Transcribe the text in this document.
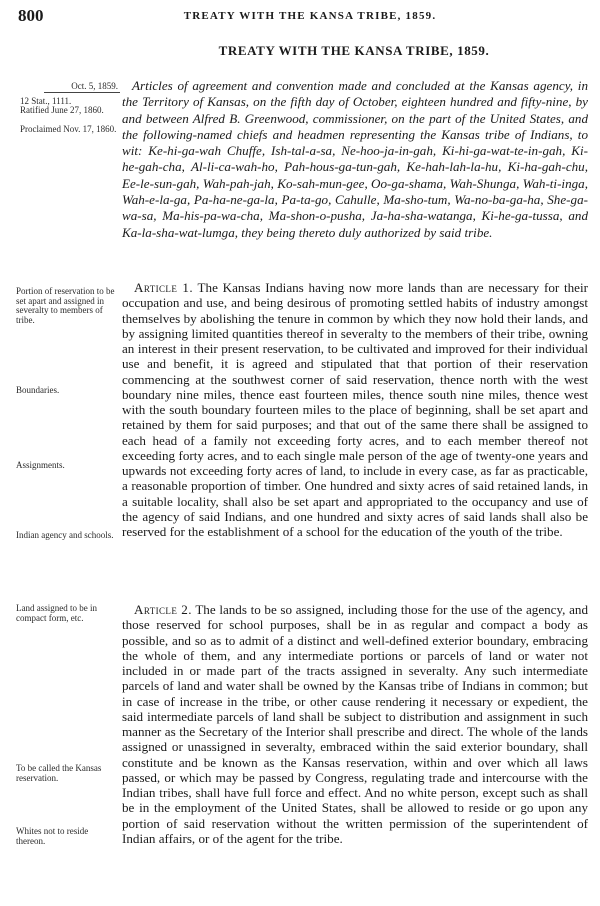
800	TREATY WITH THE KANSA TRIBE, 1859.
TREATY WITH THE KANSA TRIBE, 1859.
Oct. 5, 1859.
12 Stat., 1111.
Ratified June 27, 1860.
Proclaimed Nov. 17, 1860.
Articles of agreement and convention made and concluded at the Kansas agency, in the Territory of Kansas, on the fifth day of October, eighteen hundred and fifty-nine, by and between Alfred B. Greenwood, commissioner, on the part of the United States, and the following-named chiefs and headmen representing the Kansas tribe of Indians, to wit: Ke-hi-ga-wah Chuffe, Ish-tal-a-sa, Ne-hoo-ja-in-gah, Ki-hi-ga-wat-te-in-gah, Ki-he-gah-cha, Al-li-ca-wah-ho, Pah-hous-ga-tun-gah, Ke-hah-lah-la-hu, Ki-ha-gah-chu, Ee-le-sun-gah, Wah-pah-jah, Ko-sah-mun-gee, Oo-ga-shama, Wah-Shunga, Wah-ti-inga, Wah-e-la-ga, Pa-ha-ne-ga-la, Pa-ta-go, Cahulle, Ma-sho-tum, Wa-no-ba-ga-ha, She-ga-wa-sa, Ma-his-pa-wa-cha, Ma-shon-o-pusha, Ja-ha-sha-watanga, Ki-he-ga-tussa, and Ka-la-sha-wat-lumga, they being thereto duly authorized by said tribe.
Portion of reservation to be set apart and assigned in severalty to members of tribe.
Boundaries.
Assignments.
Indian agency and schools.
Land assigned to be in compact form, etc.
To be called the Kansas reservation.
Whites not to reside thereon.
Article 1. The Kansas Indians having now more lands than are necessary for their occupation and use, and being desirous of promoting settled habits of industry amongst themselves by abolishing the tenure in common by which they now hold their lands, and by assigning limited quantities thereof in severalty to the members of their tribe, owning an interest in their present reservation, to be cultivated and improved for their individual use and benefit, it is agreed and stipulated that that portion of their reservation commencing at the southwest corner of said reservation, thence north with the west boundary nine miles, thence east fourteen miles, thence south nine miles, thence west with the south boundary fourteen miles to the place of beginning, shall be set apart and retained by them for said purposes; and that out of the same there shall be assigned to each head of a family not exceeding forty acres, and to each member thereof not exceeding forty acres, and to each single male person of the age of twenty-one years and upwards not exceeding forty acres of land, to include in every case, as far as practicable, a reasonable proportion of timber. One hundred and sixty acres of said retained lands, in a suitable locality, shall also be set apart and appropriated to the occupancy and use of the agency of said Indians, and one hundred and sixty acres of said lands shall also be reserved for the establishment of a school for the education of the youth of the tribe.
Article 2. The lands to be so assigned, including those for the use of the agency, and those reserved for school purposes, shall be in as regular and compact a body as possible, and so as to admit of a distinct and well-defined exterior boundary, embracing the whole of them, and any intermediate portions or parcels of land or water not included in or made part of the tracts assigned in severalty. Any such intermediate parcels of land and water shall be owned by the Kansas tribe of Indians in common; but in case of increase in the tribe, or other cause rendering it necessary or expedient, the said intermediate parcels of land shall be subject to distribution and assignment in such manner as the Secretary of the Interior shall prescribe and direct. The whole of the lands assigned or unassigned in severalty, embraced within the said exterior boundary, shall constitute and be known as the Kansas reservation, within and over which all laws passed, or which may be passed by Congress, regulating trade and intercourse with the Indian tribes, shall have full force and effect. And no white person, except such as shall be in the employment of the United States, shall be allowed to reside or go upon any portion of said reservation without the written permission of the superintendent of Indian affairs, or of the agent for the tribe.
